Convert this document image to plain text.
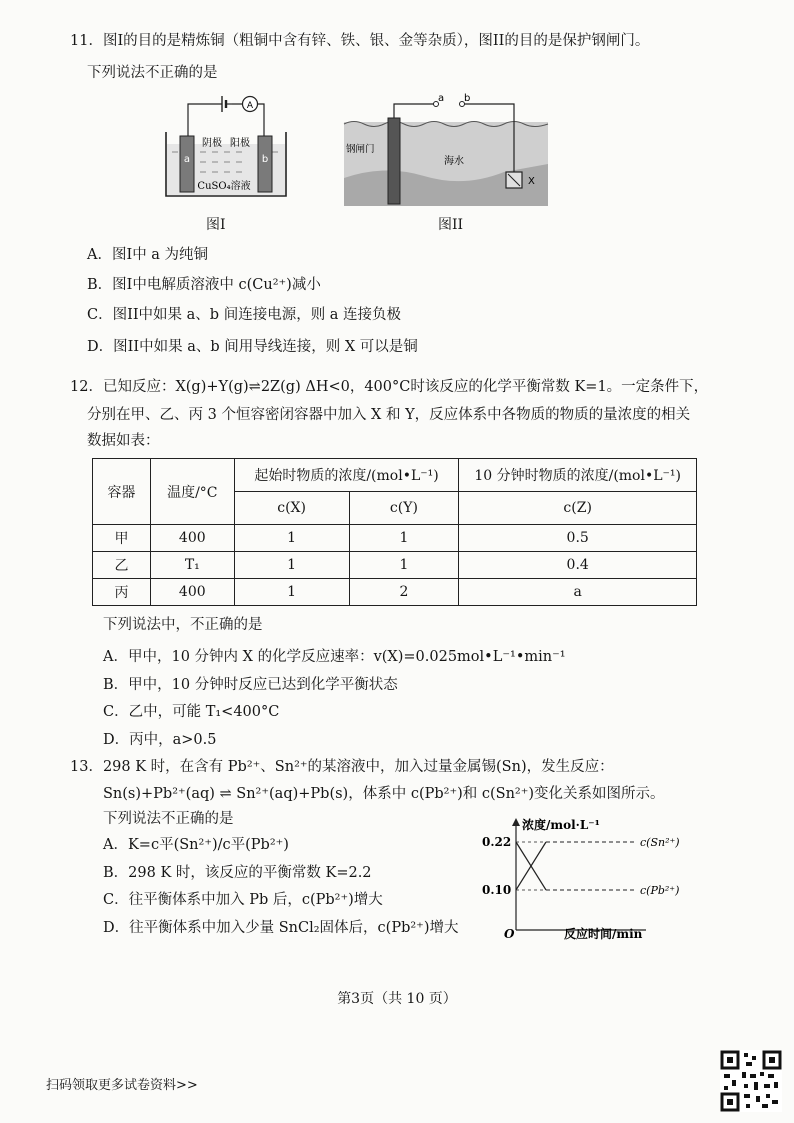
11．图I的目的是精炼铜（粗铜中含有锌、铁、银、金等杂质），图II的目的是保护钢闸门。
下列说法不正确的是
A
a	b
阴极 阳极
CuSO₄溶液
图I
a b
X
钢闸门
海水
图II
A．图I中 a 为纯铜
B．图I中电解质溶液中 c(Cu²⁺)减小
C．图II中如果 a、b 间连接电源，则 a 连接负极
D．图II中如果 a、b 间用导线连接，则 X 可以是铜
12．已知反应：X(g)+Y(g)⇌2Z(g) ΔH<0，400°C时该反应的化学平衡常数 K=1。一定条件下，
分别在甲、乙、丙 3 个恒容密闭容器中加入 X 和 Y，反应体系中各物质的物质的量浓度的相关
数据如表：
容器	温度/°C	起始时物质的浓度/(mol•L⁻¹)		10 分钟时物质的浓度/(mol•L⁻¹)
		c(X)	c(Y)	c(Z)
甲	400	1	1	0.5
乙	T₁	1	1	0.4
丙	400	1	2	a
下列说法中，不正确的是
A．甲中，10 分钟内 X 的化学反应速率：v(X)=0.025mol•L⁻¹•min⁻¹
B．甲中，10 分钟时反应已达到化学平衡状态
C．乙中，可能 T₁<400°C
D．丙中，a>0.5
13．298 K 时，在含有 Pb²⁺、Sn²⁺的某溶液中，加入过量金属锡(Sn)，发生反应：
Sn(s)+Pb²⁺(aq) ⇌ Sn²⁺(aq)+Pb(s)，体系中 c(Pb²⁺)和 c(Sn²⁺)变化关系如图所示。
下列说法不正确的是
A．K=c平(Sn²⁺)/c平(Pb²⁺)
B．298 K 时，该反应的平衡常数 K=2.2
C．往平衡体系中加入 Pb 后，c(Pb²⁺)增大
D．往平衡体系中加入少量 SnCl₂固体后，c(Pb²⁺)增大
浓度/mol·L⁻¹
反应时间/min
O
0.22
0.10
c(Sn²⁺)
c(Pb²⁺)
第3页（共 10 页）
扫码领取更多试卷资料>>
